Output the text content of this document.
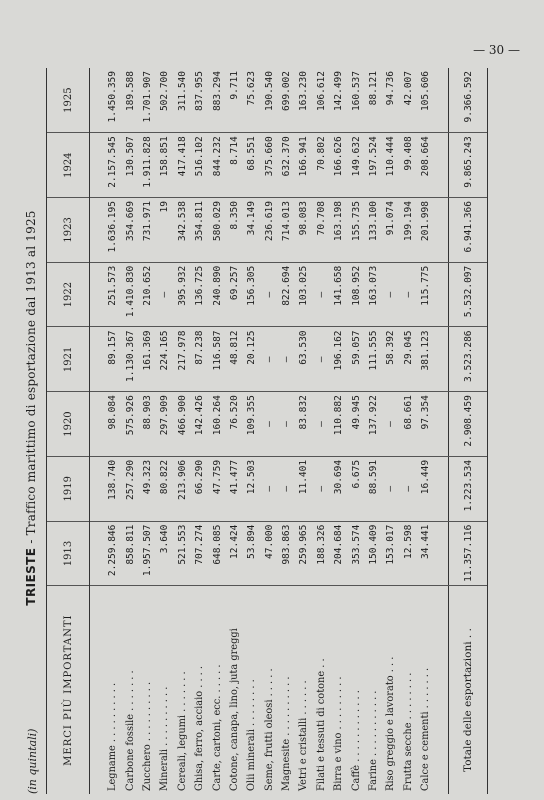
— 30 —
(in quintali)
TRIESTE - Traffico marittimo di esportazione dal 1913 al 1925
MERCI PIÙ IMPORTANTI	1913	1919	1920	1921	1922	1923	1924	1925
Legname . . . . . . . . . .	2.259.846	138.740	98.084	89.157	251.573	1.636.195	2.157.545	1.450.359
Carbone fossile . . . . . . .	858.811	257.290	575.926	1.130.367	1.410.830	354.669	130.507	189.588
Zucchero . . . . . . . . . .	1.957.507	49.323	88.903	161.369	210.652	731.971	1.911.828	1.701.907
Minerali . . . . . . . . . .	3.640	80.822	297.909	224.165	—	19	158.851	502.700
Cereali, legumi . . . . . . .	521.553	213.906	466.900	217.978	395.932	342.538	417.418	311.540
Ghisa, ferro, acciaio . . . .	707.274	66.290	142.426	87.238	136.725	354.811	516.102	837.955
Carte, cartoni, ecc. . . . . .	648.085	47.759	160.264	116.587	240.890	580.029	844.232	883.294
Cotone, canapa, lino, juta greggi	12.424	41.477	76.520	48.812	69.257	8.350	8.714	9.711
Olii minerali . . . . . . . .	53.894	12.503	109.355	20.125	156.305	34.149	68.551	75.623
Seme, frutti oleosi . . . . .	47.000	—	—	—	—	236.619	375.660	190.540
Magnesite . . . . . . . . . .	983.863	—	—	—	822.694	714.013	632.370	699.002
Vetri e cristalli . . . . . .	259.965	11.401	83.832	63.530	103.025	98.083	166.941	163.230
Filati e tessuti di cotone . .	188.326	—	—	—	—	70.708	70.802	106.612
Birra e vino . . . . . . . . .	204.684	30.694	110.882	196.162	141.658	163.198	166.626	142.499
Caffè . . . . . . . . . . . .	353.574	6.675	49.945	59.057	108.952	155.735	149.632	160.537
Farine . . . . . . . . . . .	150.409	88.591	137.922	111.555	163.073	133.100	197.524	88.121
Riso greggio e lavorato . . .	153.017	—	—	58.392	—	91.074	110.444	94.736
Frutta secche . . . . . . . .	12.598	—	68.661	29.045	—	199.194	99.408	42.007
Calce e cementi . . . . . . .	34.441	16.449	97.354	381.123	115.775	201.998	208.664	105.606
Totale delle esportazioni . .	11.357.116	1.223.534	2.908.459	3.523.286	5.532.097	6.941.366	9.865.243	9.366.592
